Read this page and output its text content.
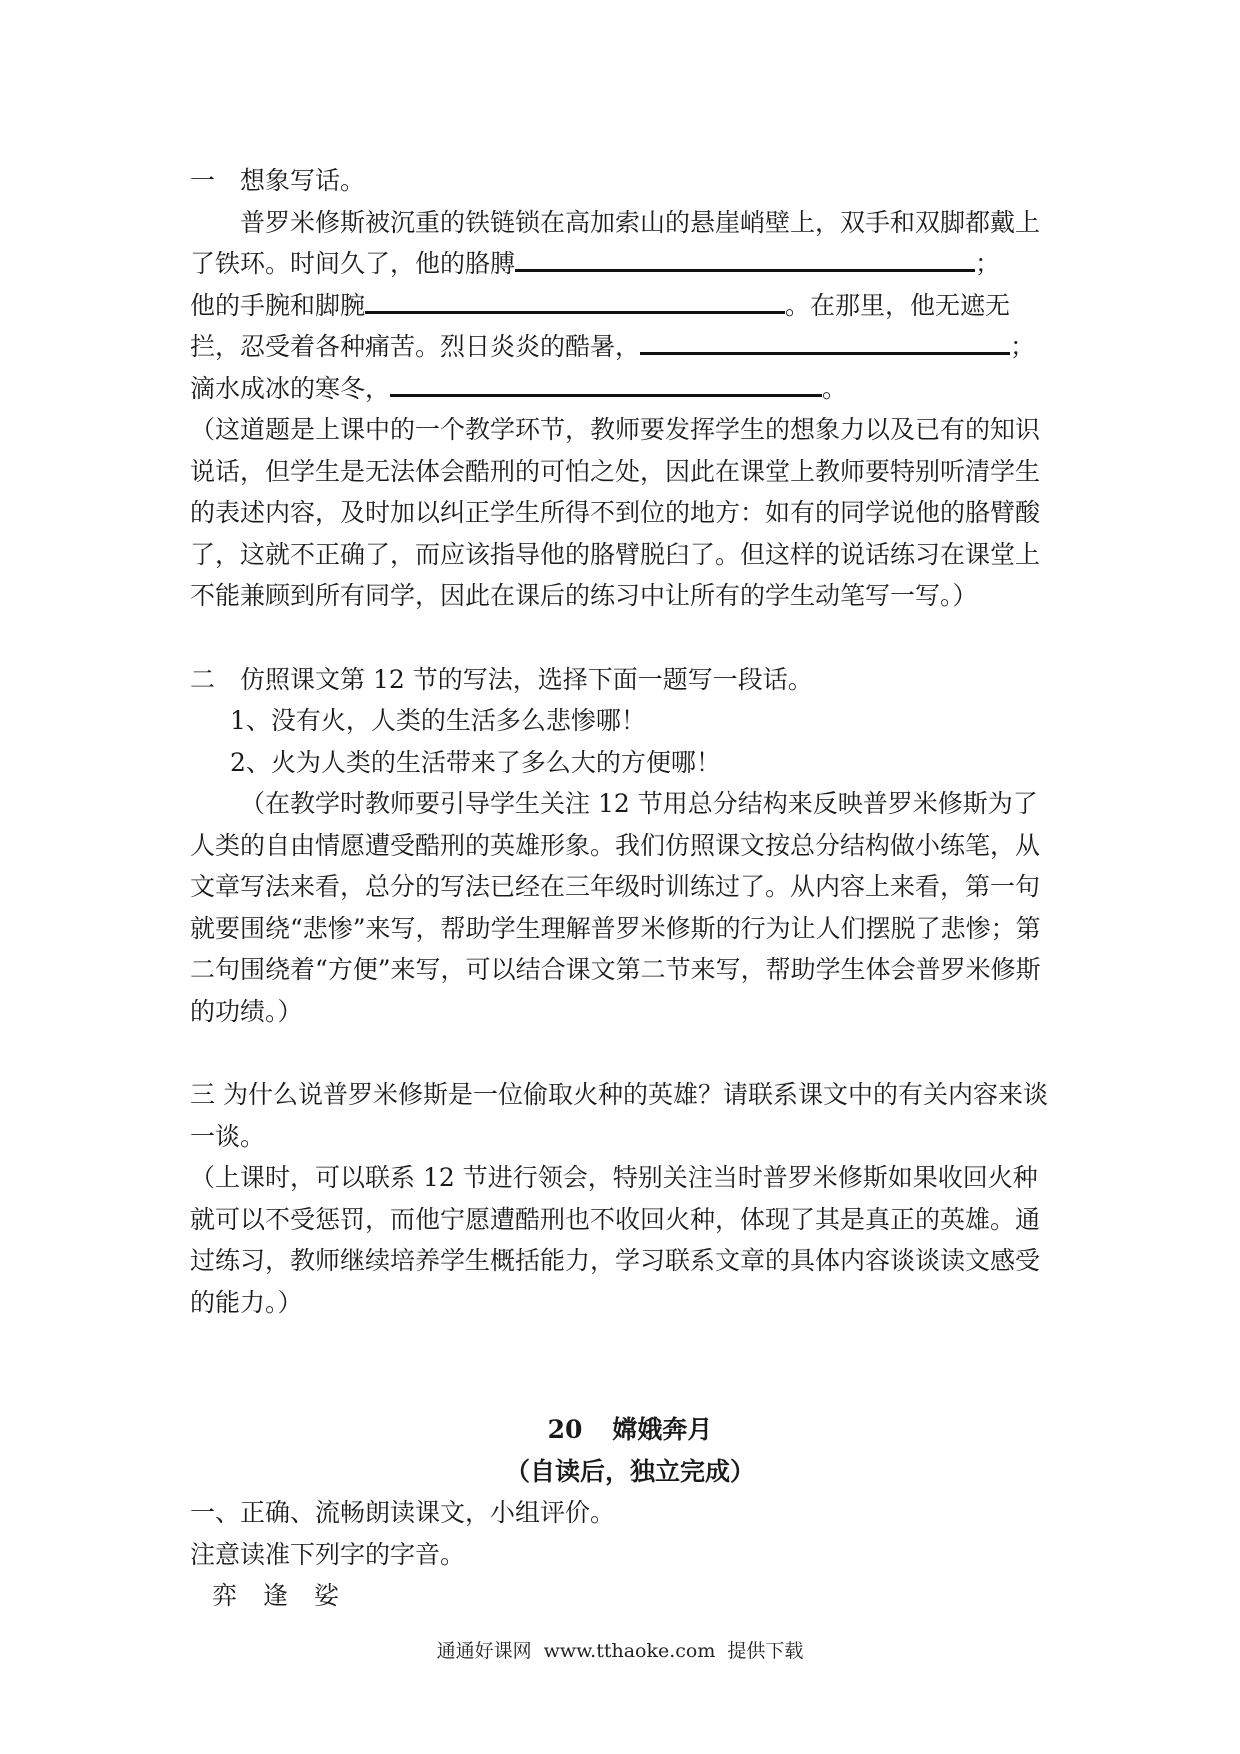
一　想象写话。

普罗米修斯被沉重的铁链锁在高加索山的悬崖峭壁上，双手和双脚都戴上了铁环。时间久了，他的胳膊	；

他的手腕和脚腕	。在那里，他无遮无拦，忍受着各种痛苦。烈日炎炎的酷暑，	；滴水成冰的寒冬，	。

（这道题是上课中的一个教学环节，教师要发挥学生的想象力以及已有的知识说话，但学生是无法体会酷刑的可怕之处，因此在课堂上教师要特别听清学生的表述内容，及时加以纠正学生所得不到位的地方：如有的同学说他的胳臂酸了，这就不正确了，而应该指导他的胳臂脱臼了。但这样的说话练习在课堂上不能兼顾到所有同学，因此在课后的练习中让所有的学生动笔写一写。）

二　仿照课文第 12 节的写法，选择下面一题写一段话。

1、没有火，人类的生活多么悲惨哪！

2、火为人类的生活带来了多么大的方便哪！

（在教学时教师要引导学生关注 12 节用总分结构来反映普罗米修斯为了人类的自由情愿遭受酷刑的英雄形象。我们仿照课文按总分结构做小练笔，从文章写法来看，总分的写法已经在三年级时训练过了。从内容上来看，第一句就要围绕“悲惨”来写，帮助学生理解普罗米修斯的行为让人们摆脱了悲惨；第二句围绕着“方便”来写，可以结合课文第二节来写，帮助学生体会普罗米修斯的功绩。）

三 为什么说普罗米修斯是一位偷取火种的英雄？请联系课文中的有关内容来谈一谈。

（上课时，可以联系 12 节进行领会，特别关注当时普罗米修斯如果收回火种就可以不受惩罚，而他宁愿遭酷刑也不收回火种，体现了其是真正的英雄。通过练习，教师继续培养学生概括能力，学习联系文章的具体内容谈谈读文感受的能力。）

20 嫦娥奔月

（自读后，独立完成）

一、正确、流畅朗读课文，小组评价。

注意读准下列字的字音。

弈 逢 娑

通通好课网 www.tthaoke.com 提供下载
